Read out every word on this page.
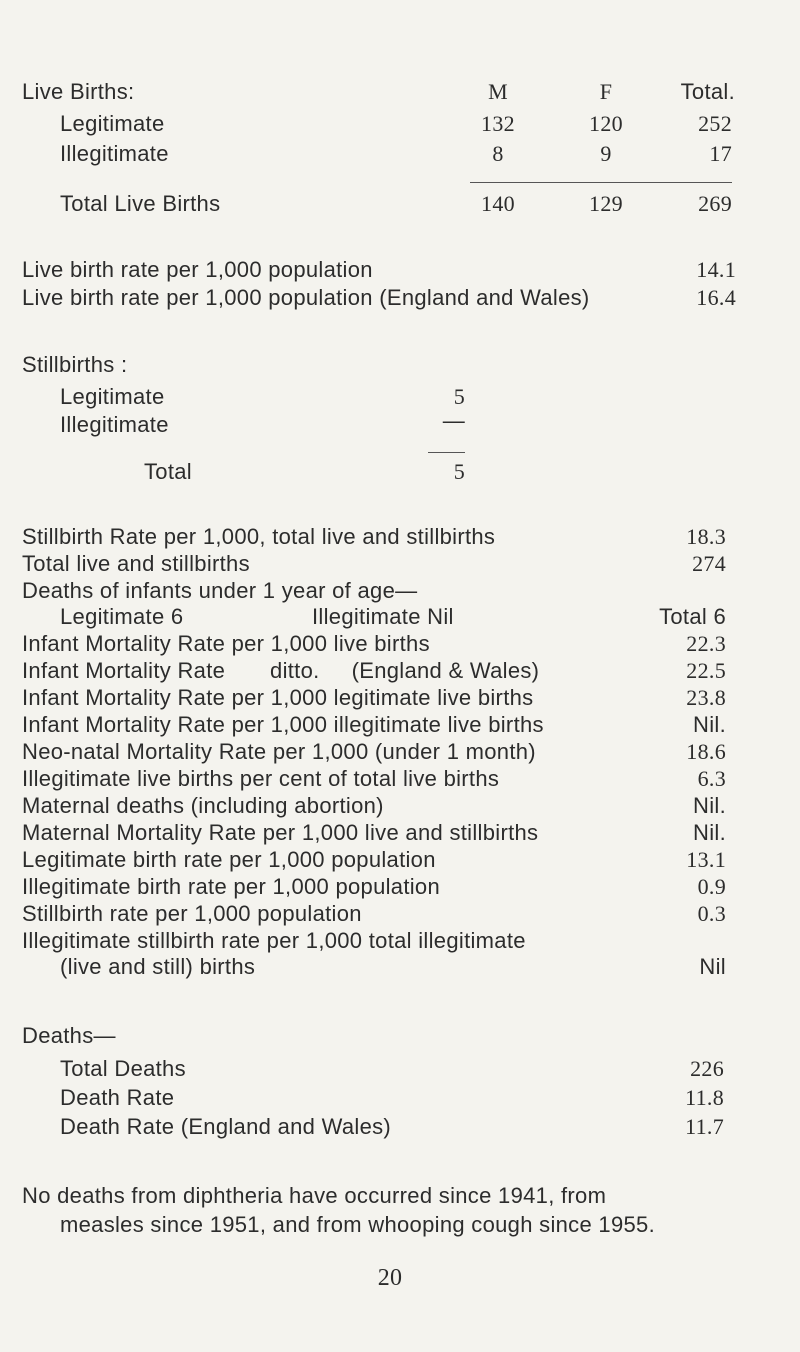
Live Births:	M	F	Total.
Legitimate	132	120	252
Illegitimate	8	9	17
Total Live Births	140	129	269
Live birth rate per 1,000 population	14.1
Live birth rate per 1,000 population (England and Wales)	16.4
Stillbirths :
Legitimate	5
Illegitimate	—
Total	5
Stillbirth Rate per 1,000, total live and stillbirths	18.3
Total live and stillbirths	274
Deaths of infants under 1 year of age—
Legitimate 6	Illegitimate Nil	Total 6
Infant Mortality Rate per 1,000 live births	22.3
Infant Mortality Rate       ditto.     (England & Wales)	22.5
Infant Mortality Rate per 1,000 legitimate live births	23.8
Infant Mortality Rate per 1,000 illegitimate live births	Nil.
Neo-natal Mortality Rate per 1,000 (under 1 month)	18.6
Illegitimate live births per cent of total live births	6.3
Maternal deaths (including abortion)	Nil.
Maternal Mortality Rate per 1,000 live and stillbirths	Nil.
Legitimate birth rate per 1,000 population	13.1
Illegitimate birth rate per 1,000 population	0.9
Stillbirth rate per 1,000 population	0.3
Illegitimate stillbirth rate per 1,000 total illegitimate
(live and still) births	Nil
Deaths—
Total Deaths	226
Death Rate	11.8
Death Rate (England and Wales)	11.7
No deaths from diphtheria have occurred since 1941, from
measles since 1951, and from whooping cough since 1955.
20
